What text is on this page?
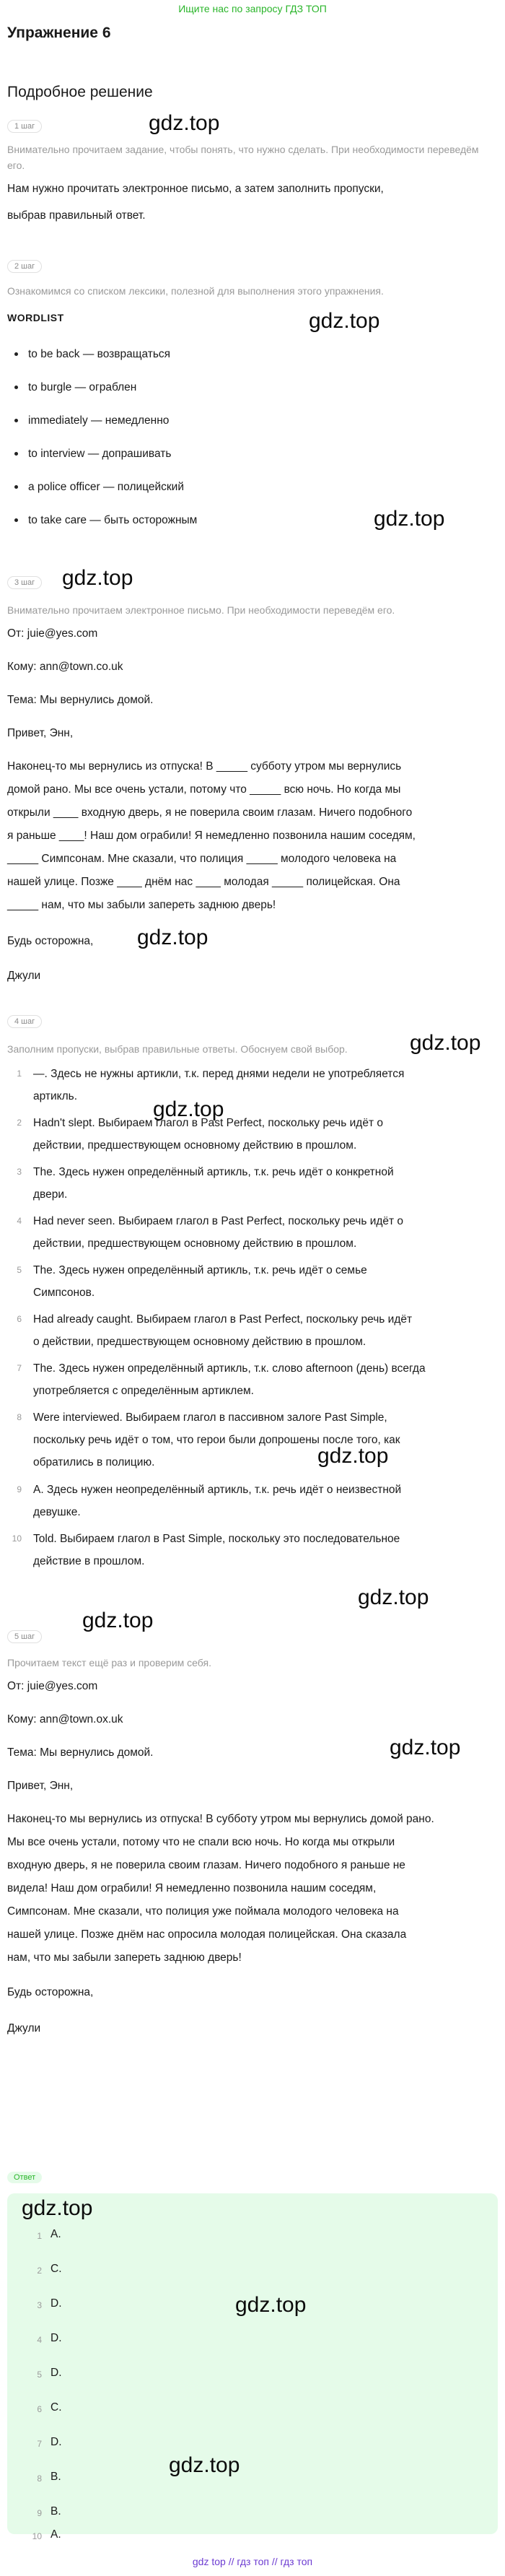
Ищите нас по запросу ГДЗ ТОП
Упражнение 6
Подробное решение
1 шаг
Внимательно прочитаем задание, чтобы понять, что нужно сделать. При необходимости переведём его.
Нам нужно прочитать электронное письмо, а затем заполнить пропуски,
выбрав правильный ответ.
2 шаг
Ознакомимся со списком лексики, полезной для выполнения этого упражнения.
WORDLIST
to be back — возвращаться
to burgle — ограблен
immediately — немедленно
to interview — допрашивать
a police officer — полицейский
to take care — быть осторожным
3 шаг
Внимательно прочитаем электронное письмо. При необходимости переведём его.
От: juie@yes.com
Кому: ann@town.co.uk
Тема: Мы вернулись домой.
Привет, Энн,
Наконец-то мы вернулись из отпуска! В _____ субботу утром мы вернулись
домой рано. Мы все очень устали, потому что _____ всю ночь. Но когда мы
открыли ____ входную дверь, я не поверила своим глазам. Ничего подобного
я раньше ____! Наш дом ограбили! Я немедленно позвонила нашим соседям,
_____ Симпсонам. Мне сказали, что полиция _____ молодого человека на
нашей улице. Позже ____ днём нас ____ молодая _____ полицейская. Она
_____ нам, что мы забыли запереть заднюю дверь!
Будь осторожна,
Джули
4 шаг
Заполним пропуски, выбрав правильные ответы. Обоснуем свой выбор.
1 —. Здесь не нужны артикли, т.к. перед днями недели не употребляется
артикль.
2 Hadn't slept. Выбираем глагол в Past Perfect, поскольку речь идёт о
действии, предшествующем основному действию в прошлом.
3 The. Здесь нужен определённый артикль, т.к. речь идёт о конкретной
двери.
4 Had never seen. Выбираем глагол в Past Perfect, поскольку речь идёт о
действии, предшествующем основному действию в прошлом.
5 The. Здесь нужен определённый артикль, т.к. речь идёт о семье
Симпсонов.
6 Had already caught. Выбираем глагол в Past Perfect, поскольку речь идёт
о действии, предшествующем основному действию в прошлом.
7 The. Здесь нужен определённый артикль, т.к. слово afternoon (день) всегда
употребляется с определённым артиклем.
8 Were interviewed. Выбираем глагол в пассивном залоге Past Simple,
поскольку речь идёт о том, что герои были допрошены после того, как
обратились в полицию.
9 A. Здесь нужен неопределённый артикль, т.к. речь идёт о неизвестной
девушке.
10 Told. Выбираем глагол в Past Simple, поскольку это последовательное
действие в прошлом.
5 шаг
Прочитаем текст ещё раз и проверим себя.
От: juie@yes.com
Кому: ann@town.ox.uk
Тема: Мы вернулись домой.
Привет, Энн,
Наконец-то мы вернулись из отпуска! В субботу утром мы вернулись домой рано.
Мы все очень устали, потому что не спали всю ночь. Но когда мы открыли
входную дверь, я не поверила своим глазам. Ничего подобного я раньше не
видела! Наш дом ограбили! Я немедленно позвонила нашим соседям,
Симпсонам. Мне сказали, что полиция уже поймала молодого человека на
нашей улице. Позже днём нас опросила молодая полицейская. Она сказала
нам, что мы забыли запереть заднюю дверь!
Будь осторожна,
Джули
Ответ
1 A.
2 C.
3 D.
4 D.
5 D.
6 C.
7 D.
8 B.
9 B.
10 A.
gdz.top
gdz.top
gdz.top
gdz.top
gdz.top
gdz.top
gdz.top
gdz.top
gdz.top
gdz.top
gdz.top
gdz.top
gdz.top
gdz.top
gdz top // гдз топ // гдз топ
